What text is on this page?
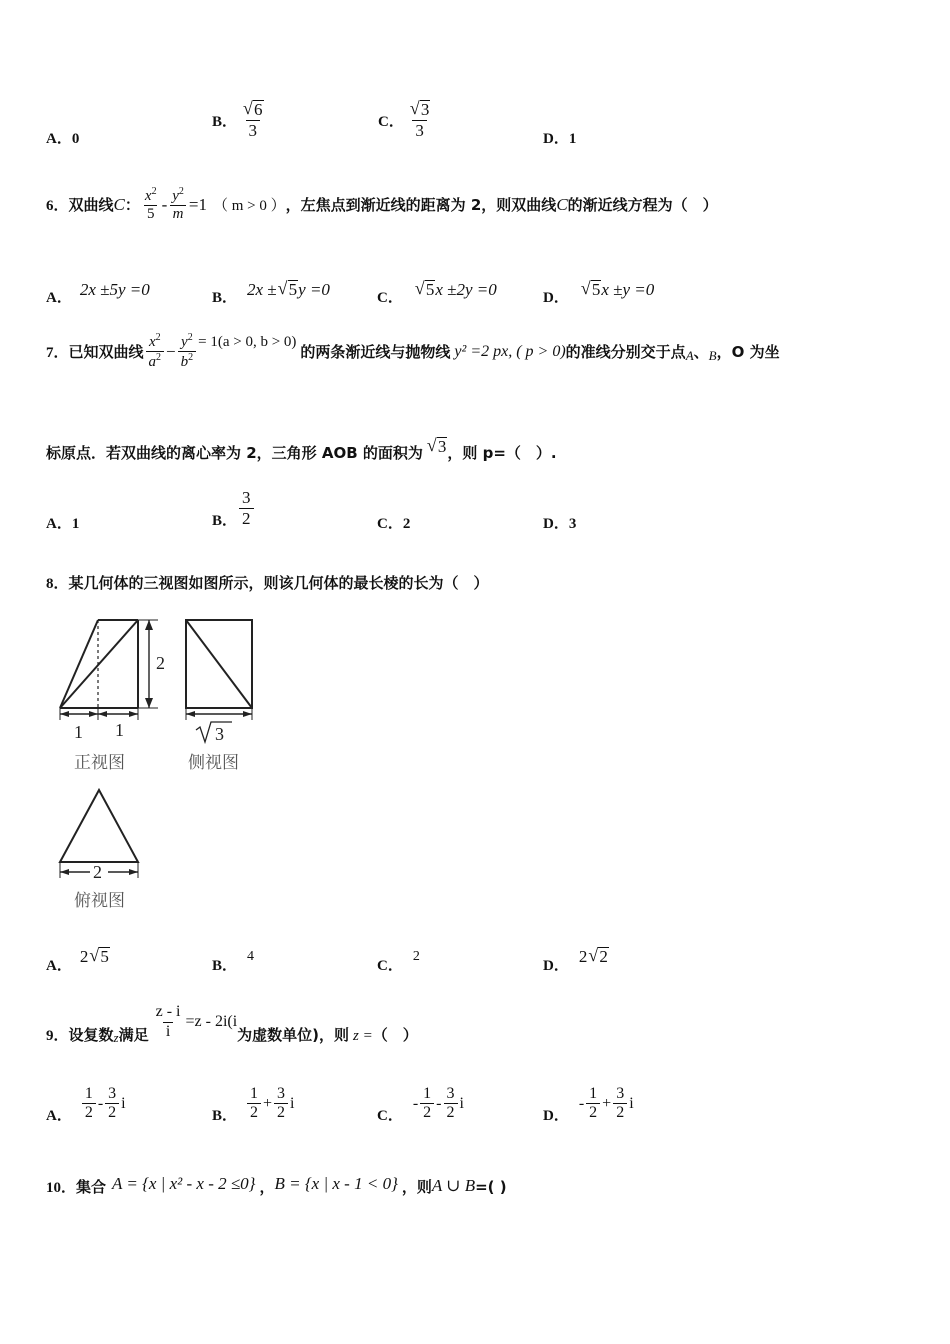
A．0
B． √ $\frac{6}{3}$	C． √ $\frac{3}{3}$	D．1
6． 双曲线 C ： $\frac{x^2}{5} - \frac{y^2}{m} =1$ （ m > 0 ） ，左焦点到渐近线的距离为 2，则双曲线 C 的渐近线方程为（　）
A． 2x ±5y =0	B． 2x ± √ 5 y =0	C．	√ 5 x ±2y =0	D．	√ 5 x ±y =0
7． 已知双曲线 $\frac{x^2}{a^2} - \frac{y^2}{b^2} = 1(a > 0$, b > 0)
的两条渐近线与抛物线 y² =2 px, ( p > 0) 的准线分别交于点 A 、 B ，O 为坐
标原点．若双曲线的离心率为 2，三角形 AOB 的面积为 √ 3 ，则 p=（　）.
A．1	B． $\frac{3}{2}$	C．2	D．3
8． 某几何体的三视图如图所示，则该几何体的最长棱的长为（　）
2
1 1
正视图
3
侧视图
2
俯视图
A．
2 √ 5
B．
4
C．
2
D．
2 √ 2
9． 设复数 z 满足 $\frac{z - i}{i} =z - 2i(i$
为虚数单位)，则 z = （　）
A． $\frac{1}{2} - \frac{3}{2}$ i
B． $\frac{1}{2} + \frac{3}{2}$ i
C．
- $\frac{1}{2} - \frac{3}{2}$ i
D．
- $\frac{1}{2} + \frac{3}{2}$ i
10． 集合 A = {x | x² - x - 2 ≤0} ， B = {x | x - 1 < 0} ，则 A ∪ B =( )
